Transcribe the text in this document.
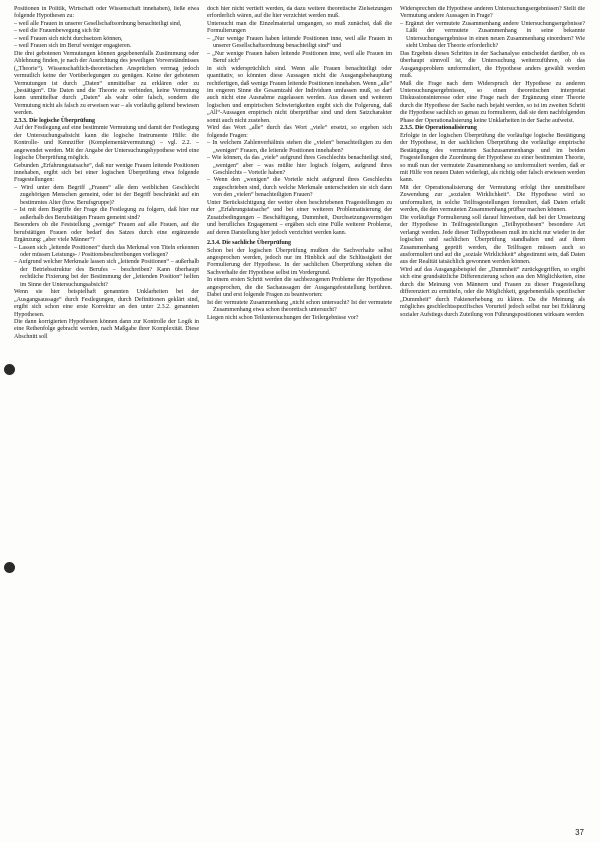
Positionen in Politik, Wirtschaft oder Wissenschaft innehaben), ließe etwa folgende Hypothesen zu:

– weil alle Frauen in unserer Gesellschaftsordnung benachteiligt sind,

– weil die Frauenbewegung sich für

– weil Frauen sich nicht durchsetzen können,

– weil Frauen sich im Beruf weniger engagieren.

Die drei gebotenen Vermutungen können gegebenenfalls Zustimmung oder Ablehnung finden, je nach der Ausrichtung des jeweiligen Vorverständnisses („Theorie“). Wissenschaftlich-theoretischen Ansprüchen vermag jedoch vermutlich keine der Vorüberlegungen zu genügen. Keine der gebotenen Vermutungen ist durch „Daten“ unmittelbar zu erklären oder zu „bestätigen“. Die Daten und die Theorie zu verbinden, keine Vermutung kann unmittelbar durch „Daten“ als wahr oder falsch, sondern die Vermutung nicht als falsch zu erweisen war – als vorläufig geltend bewiesen werden.

2.3.3. Die logische Überprüfung

Auf der Festlegung auf eine bestimmte Vermutung und damit der Festlegung der Untersuchungsabsicht kann die logische Instrumente Hilfe: die Kontrolle- und Kennziffer (Komplementärvermutung) – vgl. 2.2. – angewendet werden. Mit der Angabe der Untersuchungshypothese wird eine logische Überprüfung möglich.

Gebunden „Erfahrungstatsache“, daß nur wenige Frauen leitende Positionen innehaben, ergibt sich bei einer logischen Überprüfung etwa folgende Fragestellungen:

– Wird unter dem Begriff „Frauen“ alle dem weiblichen Geschlecht zugehörigen Menschen gemeint, oder ist der Begriff beschränkt auf ein bestimmtes Alter (bzw. Berufsgruppe)?

– Ist mit dem Begriffe der Frage die Festlegung zu folgern, daß hier nur außerhalb des Berufstätigen Frauen gemeint sind?

Besonders ob die Feststellung „wenige“ Frauen auf alle Frauen, auf die berufstätigen Frauen oder bedarf des Satzes durch eine ergänzende Ergänzung: „aber viele Männer“?

– Lassen sich „leitende Positionen“ durch das Merkmal von Titeln erkennen oder müssen Leistungs- / Positionsbeschreibungen vorliegen?

– Aufgrund welcher Merkmale lassen sich „leitende Positionen“ – außerhalb der Betriebsstruktur des Berufes – beschreiben? Kann überhaupt rechtliche Fixierung bei der Bestimmung der „leitenden Position“ helfen im Sinne der Untersuchungsabsicht?

Wenn sie hier beispielhaft genannten Unklarheiten bei der „Ausgangsaussage“ durch Festlegungen, durch Definitionen geklärt sind, ergibt sich schon eine erste Korrektur an den unter 2.3.2. genannten Hypothesen.

Die dann korrigierten Hypothesen können dann zur Kontrolle der Logik in eine Reihenfolge gebracht werden, nach Maßgabe ihrer Komplexität. Diese Abschnitt soll

doch hier nicht vertieft werden, da dazu weitere theoretische Zielsetzungen erforderlich wären, auf die hier verzichtet werden muß.

Untersucht man die Einzelmaterial umgangen, so muß zunächst, daß die Formulierungen

– „Nur wenige Frauen haben leitende Positionen inne, weil alle Frauen in unserer Gesellschaftsordnung benachteiligt sind“ und

– „Nur wenige Frauen haben leitende Positionen inne, weil alle Frauen im Beruf sich“

in sich widersprüchlich sind. Wenn alle Frauen benachteiligt oder quantitativ, so könnten diese Aussagen nicht die Ausgangsbehauptung rechtfertigen, daß wenige Frauen leitende Positionen innehaben. Wenn „alle“ im engeren Sinne die Gesamtzahl der Individuen umfassen muß, so darf auch nicht eine Ausnahme zugelassen werden. Aus diesen und weiteren logischen und empirischen Schwierigkeiten ergibt sich die Folgerung, daß „All“-Aussagen empirisch nicht überprüfbar sind und dem Satzcharakter somit auch nicht zustehen.

Wird das Wort „alle“ durch das Wort „viele“ ersetzt, so ergeben sich folgende Fragen:

– In welchem Zahlenverhältnis stehen die „vielen“ benachteiligten zu den „wenigen“ Frauen, die leitende Positionen innehaben?

– Wie können, da das „viele“ aufgrund ihres Geschlechts benachteiligt sind, „wenigen“ aber – was müßte hier logisch folgern, aufgrund ihres Geschlechts – Vorteile haben?

– Wenn den „wenigen“ die Vorteile nicht aufgrund ihres Geschlechts zugeschrieben sind, durch welche Merkmale unterscheiden sie sich dann von den „vielen“ benachteiligten Frauen?

Unter Berücksichtigung der weiter oben beschriebenen Fragestellungen zu der „Erfahrungstatsache“ und bei einer weiteren Problematisierung der Zusatzbedingungen – Beschäftigung, Dummheit, Durchsetzungsvermögen und berufliches Engagement – ergäben sich eine Fülle weiterer Probleme, auf deren Darstellung hier jedoch verzichtet werden kann.

2.3.4. Die sachliche Überprüfung

Schon bei der logischen Überprüfung mußten die Sachverhalte selbst angesprochen werden, jedoch nur im Hinblick auf die Schlüssigkeit der Formulierung der Hypothese. In der sachlichen Überprüfung stehen die Sachverhalte der Hypothese selbst im Vordergrund.

In einem ersten Schritt werden die sachbezogenen Probleme der Hypothese angesprochen, die die Sachaussagen der Ausgangsfeststellung berühren. Dabei und erst folgende Fragen zu beantworten:

Ist der vermutete Zusammenhang „nicht schon untersucht? Ist der vermutete Zusammenhang etwa schon theoretisch untersucht?

Liegen nicht schon Teiluntersuchungen der Teilergebnisse vor?

Widersprechen die Hypothese anderen Untersuchungsergebnissen? Stellt die Vermutung andere Aussagen in Frage?

– Ergänzt der vermutete Zusammenhang andere Untersuchungsergebnisse? Läßt der vermutete Zusammenhang in seine bekannte Untersuchungsergebnisse in einen neuen Zusammenhang einordnen? Wie sieht Umbau der Theorie erforderlich?

Das Ergebnis dieses Schrittes in der Sachanalyse entscheidet darüber, ob es überhaupt sinnvoll ist, die Untersuchung weiterzuführen, ob das Ausgangsproblem umformuliert, die Hypothese anders gewählt werden muß.

Muß die Frage nach dem Widerspruch der Hypothese zu anderen Untersuchungsergebnissen, so einen theoretischen interpretat Diskussionsinteresse oder eine Frage nach der Ergänzung einer Theorie durch die Hypothese der Sache nach bejaht werden, so ist im zweiten Schritt die Hypothese sachlich so genau zu formulieren, daß sie dem nachfolgenden Phase der Operationalisierung keine Unklarheiten in der Sache aufweist.

2.3.5. Die Operationalisierung

Erfolgte in der logischen Überprüfung die vorläufige logische Bestätigung der Hypothese, in der sachlichen Überprüfung die vorläufige empirische Bestätigung des vermuteten Sachzusammenhangs und im beiden Fragestellungen die Zuordnung der Hypothese zu einer bestimmten Theorie, so muß nun der vermutete Zusammenhang so umformuliert werden, daß er mit Hilfe von neuen Daten widerlegt, als richtig oder falsch erwiesen werden kann.

Mit der Operationalisierung der Vermutung erfolgt ihre unmittelbare Zuwendung zur „sozialen Wirklichkeit“. Die Hypothese wird so umformuliert, in solche Teilfragestellungen formuliert, daß Daten erfaßt werden, die den vermuteten Zusammenhang prüfbar machen können.

Die vorläufige Formulierung soll darauf hinweisen, daß bei der Umsetzung der Hypothese in Teilfragestellungen „Teilhypothesen“ besondere Art verlangt werden. Jede dieser Teilhypothesen muß im nicht nur wieder in der logischen und sachlichen Überprüfung standhalten und auf ihren Zusammenhang geprüft werden, die Teilfragen müssen auch so ausformuliert und auf die „soziale Wirklichkeit“ abgestimmt sein, daß Daten aus der Realität tatsächlich gewonnen werden können.

Wird auf das Ausgangsbeispiel der „Dummheit“ zurückgegriffen, so ergibt sich eine grundsätzliche Differenzierung schon aus den Möglichkeiten, eine durch die Meinung von Männern und Frauen zu dieser Fragestellung differenziert zu ermitteln, oder die Möglichkeit, gegebenenfalls spezifischer „Dummheit“ durch Faktenerhebung zu klären. Da die Meinung als mögliches geschlechtsspezifisches Vorurteil jedoch selbst nur bei Erklärung sozialer Aufstiegs durch Zuteilung von Führungspositionen wirksam werden

37
